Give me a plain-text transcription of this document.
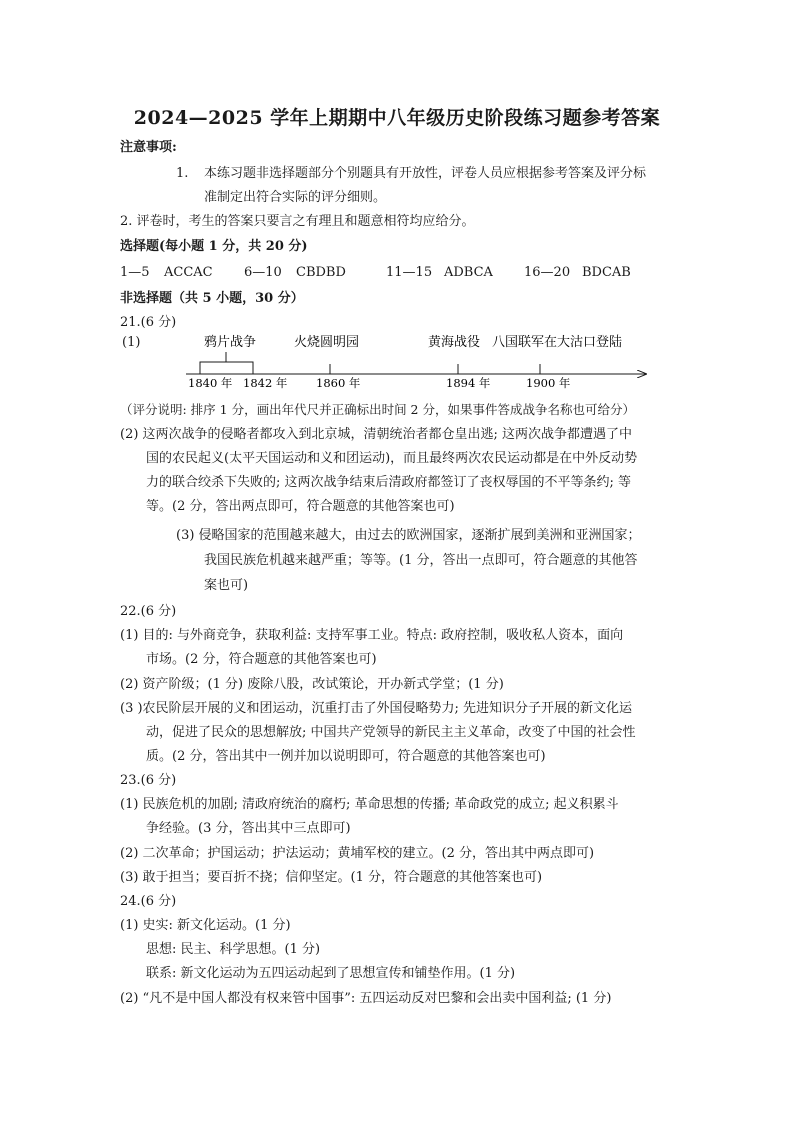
2024—2025 学年上期期中八年级历史阶段练习题参考答案
注意事项:
1. 本练习题非选择题部分个别题具有开放性，评卷人员应根据参考答案及评分标
准制定出符合实际的评分细则。
2. 评卷时，考生的答案只要言之有理且和题意相符均应给分。
选择题(每小题 1 分，共 20 分)
1—5 ACCAC 6—10 CBDBD	11—15 ADBCA 16—20 BDCAB
非选择题（共 5 小题，30 分）
21.(6 分)
(1)	鸦片战争	火烧圆明园	黄海战役 八国联军在大沽口登陆
1840 年 1842 年 1860 年	1894 年	1900 年
（评分说明: 排序 1 分，画出年代尺并正确标出时间 2 分，如果事件答成战争名称也可给分）
(2) 这两次战争的侵略者都攻入到北京城，清朝统治者都仓皇出逃; 这两次战争都遭遇了中
国的农民起义(太平天国运动和义和团运动)，而且最终两次农民运动都是在中外反动势
力的联合绞杀下失败的; 这两次战争结束后清政府都签订了丧权辱国的不平等条约; 等
等。(2 分，答出两点即可，符合题意的其他答案也可)
(3) 侵略国家的范围越来越大，由过去的欧洲国家，逐渐扩展到美洲和亚洲国家；
我国民族危机越来越严重；等等。(1 分，答出一点即可，符合题意的其他答
案也可)
22.(6 分)
(1) 目的: 与外商竞争，获取利益: 支持军事工业。特点: 政府控制，吸收私人资本，面向
市场。(2 分，符合题意的其他答案也可)
(2) 资产阶级；(1 分) 废除八股，改试策论，开办新式学堂；(1 分)
(3 )农民阶层开展的义和团运动，沉重打击了外国侵略势力; 先进知识分子开展的新文化运
动，促进了民众的思想解放; 中国共产党领导的新民主主义革命，改变了中国的社会性
质。(2 分，答出其中一例并加以说明即可，符合题意的其他答案也可)
23.(6 分)
(1) 民族危机的加剧; 清政府统治的腐朽; 革命思想的传播; 革命政党的成立; 起义积累斗
争经验。(3 分，答出其中三点即可)
(2) 二次革命；护国运动；护法运动；黄埔军校的建立。(2 分，答出其中两点即可)
(3) 敢于担当；要百折不挠；信仰坚定。(1 分，符合题意的其他答案也可)
24.(6 分)
(1) 史实: 新文化运动。(1 分)
思想: 民主、科学思想。(1 分)
联系: 新文化运动为五四运动起到了思想宣传和铺垫作用。(1 分)
(2) “凡不是中国人都没有权来管中国事”: 五四运动反对巴黎和会出卖中国利益; (1 分)
